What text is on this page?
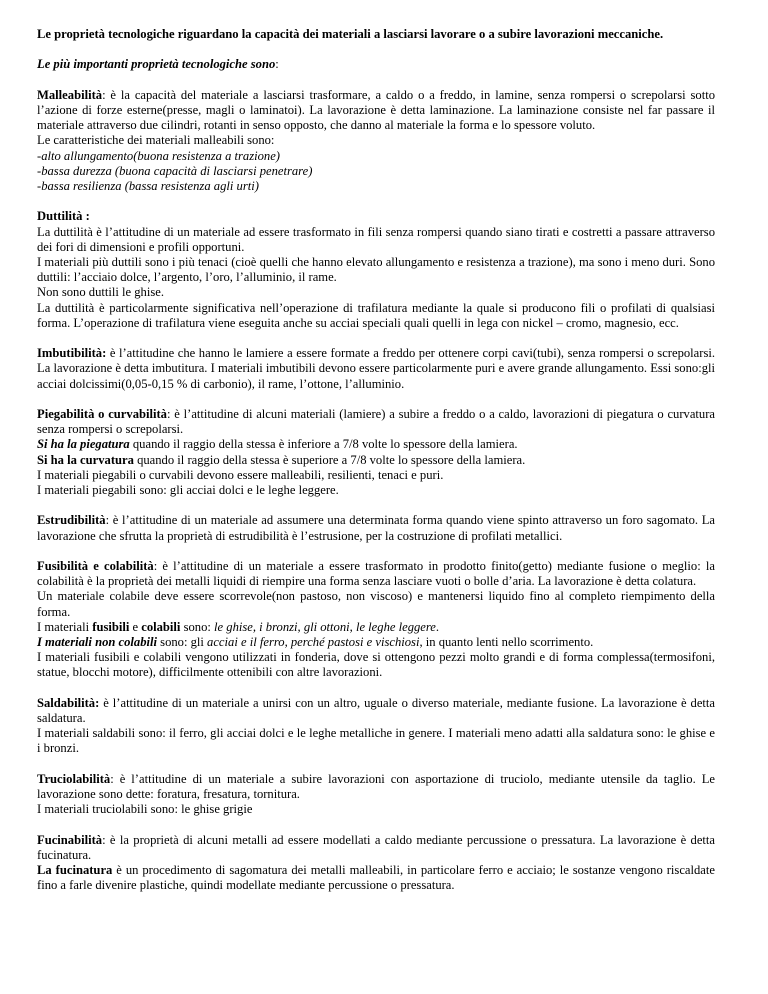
Le proprietà tecnologiche riguardano la capacità dei materiali a lasciarsi lavorare o a subire lavorazioni meccaniche.

Le più importanti proprietà tecnologiche sono:

Malleabilità: è la capacità del materiale a lasciarsi trasformare, a caldo o a freddo, in lamine, senza rompersi o screpolarsi sotto l’azione di forze esterne(presse, magli o laminatoi). La lavorazione è detta laminazione. La laminazione consiste nel far passare il materiale attraverso due cilindri, rotanti in senso opposto, che danno al materiale la forma e lo spessore voluto.

Le caratteristiche dei materiali malleabili sono:

-alto allungamento(buona resistenza a trazione)

-bassa durezza (buona capacità di lasciarsi penetrare)

-bassa resilienza (bassa resistenza agli urti)

Duttilità :

La duttilità è l’attitudine di un materiale ad essere trasformato in fili senza rompersi quando siano tirati e costretti a passare attraverso dei fori di dimensioni e profili opportuni.

I materiali più duttili sono i più tenaci (cioè quelli che hanno elevato allungamento e resistenza a trazione), ma sono i meno duri. Sono duttili: l’acciaio dolce, l’argento, l’oro, l’alluminio, il rame.

Non sono duttili le ghise.

La duttilità è particolarmente significativa nell’operazione di trafilatura mediante la quale si producono fili o profilati di qualsiasi forma. L’operazione di trafilatura viene eseguita anche su acciai speciali quali quelli in lega con nickel – cromo, magnesio, ecc.

Imbutibilità: è l’attitudine che hanno le lamiere a essere formate a freddo per ottenere corpi cavi(tubi), senza rompersi o screpolarsi. La lavorazione è detta imbutitura. I materiali imbutibili devono essere particolarmente puri e avere grande allungamento. Essi sono:gli acciai dolcissimi(0,05-0,15 % di carbonio), il rame, l’ottone, l’alluminio.

Piegabilità o curvabilità: è l’attitudine di alcuni materiali (lamiere) a subire a freddo o a caldo, lavorazioni di piegatura o curvatura senza rompersi o screpolarsi.

Si ha la piegatura quando il raggio della stessa è inferiore a 7/8 volte lo spessore della lamiera.

Si ha la curvatura quando il raggio della stessa è superiore a 7/8 volte lo spessore della lamiera.

I materiali piegabili o curvabili devono essere malleabili, resilienti, tenaci e puri.

I materiali piegabili sono: gli acciai dolci e le leghe leggere.

Estrudibilità: è l’attitudine di un materiale ad assumere una determinata forma quando viene spinto attraverso un foro sagomato. La lavorazione che sfrutta la proprietà di estrudibilità è l’estrusione, per la costruzione di profilati metallici.

Fusibilità e colabilità: è l’attitudine di un materiale a essere trasformato in prodotto finito(getto) mediante fusione o meglio: la colabilità è la proprietà dei metalli liquidi di riempire una forma senza lasciare vuoti o bolle d’aria. La lavorazione è detta colatura.

Un materiale colabile deve essere scorrevole(non pastoso, non viscoso) e mantenersi liquido fino al completo riempimento della forma.

I materiali fusibili e colabili sono: le ghise, i bronzi, gli ottoni, le leghe leggere.

I materiali non colabili sono: gli acciai e il ferro, perché pastosi e vischiosi, in quanto lenti nello scorrimento.

I materiali fusibili e colabili vengono utilizzati in fonderia, dove si ottengono pezzi molto grandi e di forma complessa(termosifoni, statue, blocchi motore), difficilmente ottenibili con altre lavorazioni.

Saldabilità: è l’attitudine di un materiale a unirsi con un altro, uguale o diverso materiale, mediante fusione. La lavorazione è detta saldatura.

I materiali saldabili sono: il ferro, gli acciai dolci e le leghe metalliche in genere. I materiali meno adatti alla saldatura sono: le ghise e i bronzi.

Truciolabilità: è l’attitudine di un materiale a subire lavorazioni con asportazione di truciolo, mediante utensile da taglio. Le lavorazione sono dette: foratura, fresatura, tornitura.

I materiali truciolabili sono: le ghise grigie

Fucinabilità: è la proprietà di alcuni metalli ad essere modellati a caldo mediante percussione o pressatura. La lavorazione è detta fucinatura.

La fucinatura è un procedimento di sagomatura dei metalli malleabili, in particolare ferro e acciaio; le sostanze vengono riscaldate fino a farle divenire plastiche, quindi modellate mediante percussione o pressatura.
